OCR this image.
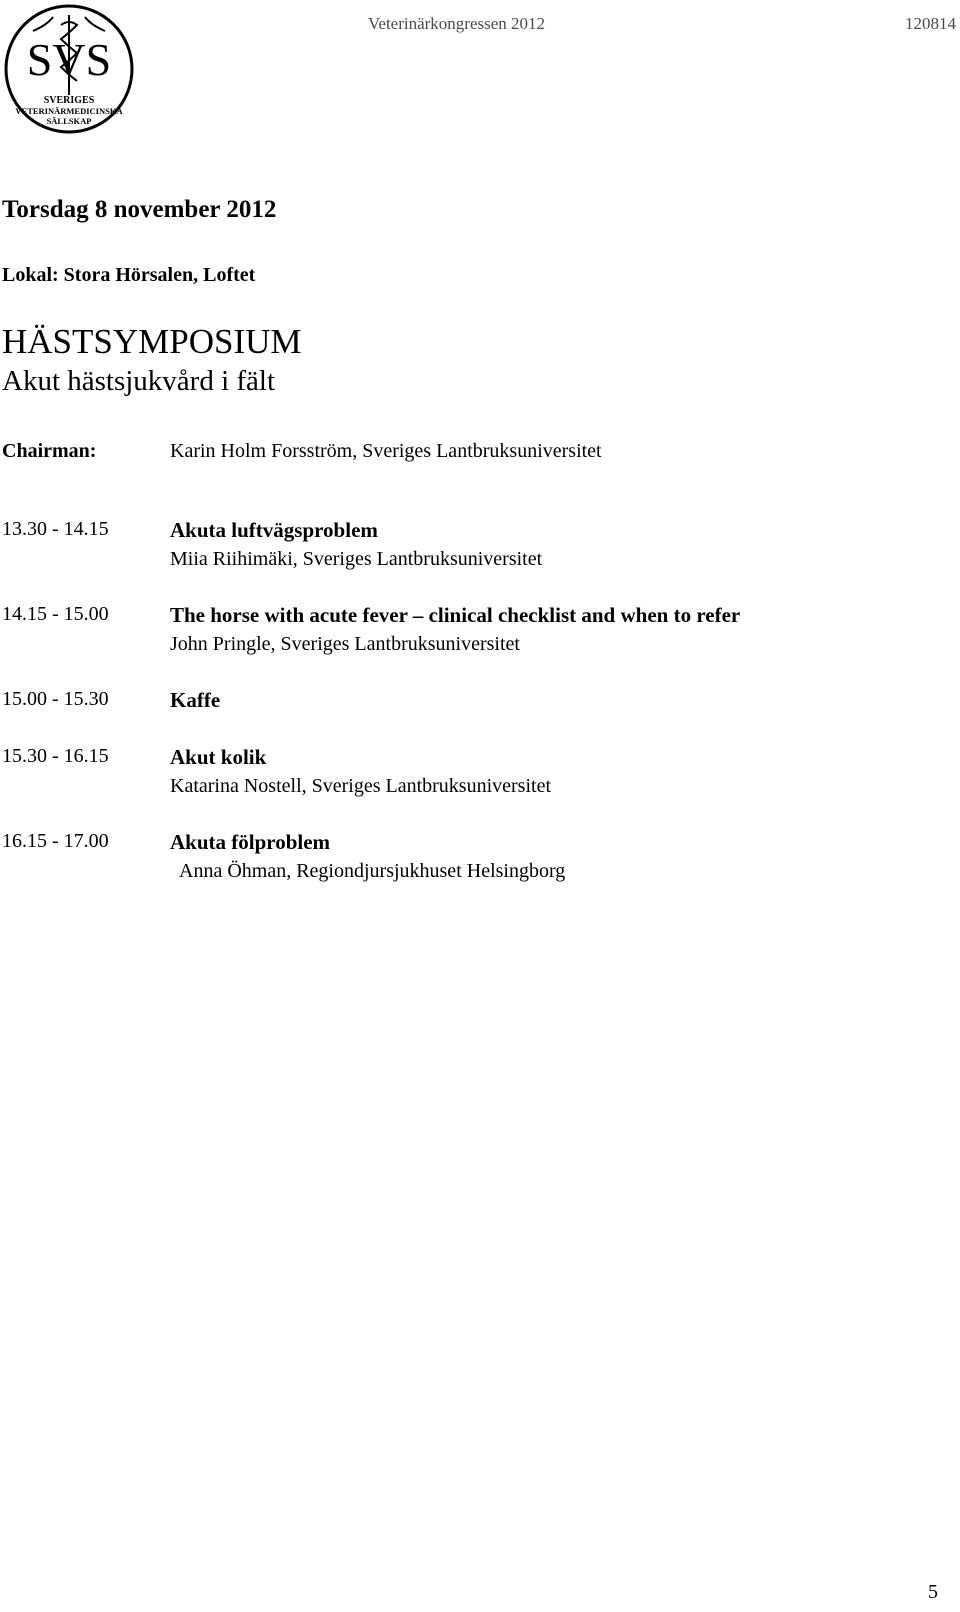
SVS
SVERIGES
VETERINÄRMEDICINSKA
SÄLLSKAP
Veterinärkongressen 2012	120814
Torsdag 8 november 2012
Lokal: Stora Hörsalen, Loftet
HÄSTSYMPOSIUM
Akut hästsjukvård i fält
Chairman:	Karin Holm Forsström, Sveriges Lantbruksuniversitet
13.30 - 14.15	Akuta luftvägsproblem
Miia Riihimäki, Sveriges Lantbruksuniversitet
14.15 - 15.00	The horse with acute fever – clinical checklist and when to refer
John Pringle, Sveriges Lantbruksuniversitet
15.00 - 15.30	Kaffe
15.30 - 16.15	Akut kolik
Katarina Nostell, Sveriges Lantbruksuniversitet
16.15 - 17.00	Akuta fölproblem
Anna Öhman, Regiondjursjukhuset Helsingborg
5
